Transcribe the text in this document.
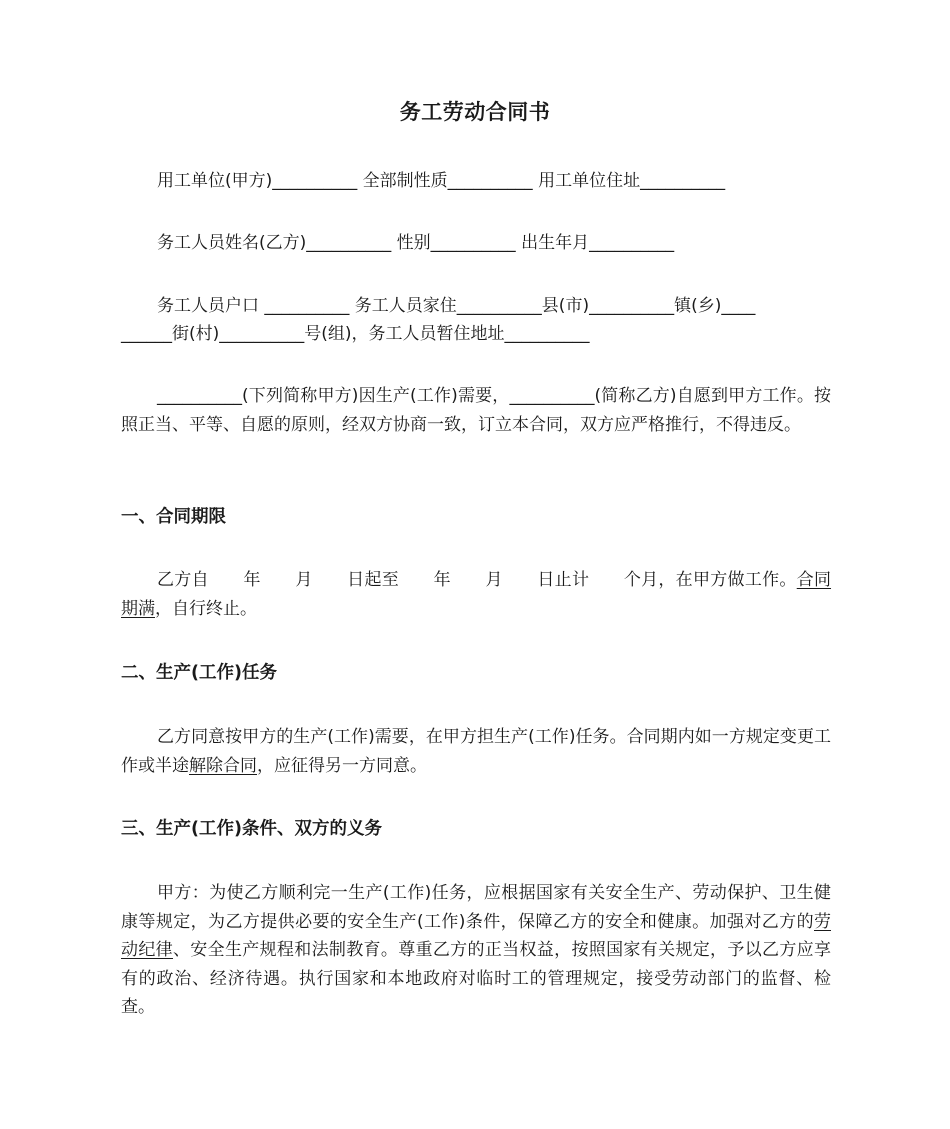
务工劳动合同书
用工单位(甲方)__________ 全部制性质__________ 用工单位住址__________
务工人员姓名(乙方)__________ 性别__________ 出生年月__________
务工人员户口 __________ 务工人员家住__________县(市)__________镇(乡)____
______街(村)__________号(组)，务工人员暂住地址__________
__________(下列简称甲方)因生产(工作)需要，__________(简称乙方)自愿到甲方工作。按照正当、平等、自愿的原则，经双方协商一致，订立本合同，双方应严格推行，不得违反。
一、合同期限
乙方自　　年　　月　　日起至　　年　　月　　日止计　　个月，在甲方做工作。合同期满，自行终止。
二、生产(工作)任务
乙方同意按甲方的生产(工作)需要，在甲方担生产(工作)任务。合同期内如一方规定变更工作或半途解除合同，应征得另一方同意。
三、生产(工作)条件、双方的义务
甲方：为使乙方顺利完一生产(工作)任务，应根据国家有关安全生产、劳动保护、卫生健康等规定，为乙方提供必要的安全生产(工作)条件，保障乙方的安全和健康。加强对乙方的劳动纪律、安全生产规程和法制教育。尊重乙方的正当权益，按照国家有关规定，予以乙方应享有的政治、经济待遇。执行国家和本地政府对临时工的管理规定，接受劳动部门的监督、检查。
